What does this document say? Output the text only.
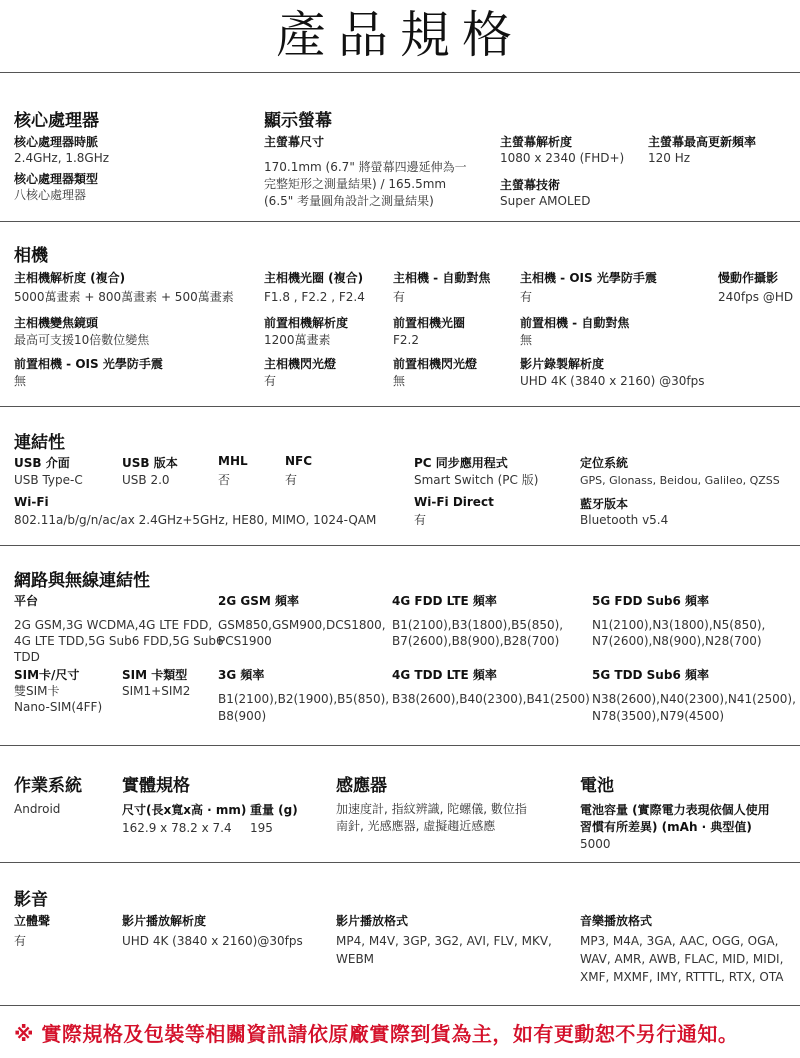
產品規格
核心處理器
核心處理器時脈
2.4GHz, 1.8GHz
核心處理器類型
八核心處理器
顯示螢幕
主螢幕尺寸
170.1mm (6.7" 將螢幕四邊延伸為一
完整矩形之測量結果) / 165.5mm
(6.5" 考量圓角設計之測量結果)
主螢幕解析度
1080 x 2340 (FHD+)
主螢幕最高更新頻率
120 Hz
主螢幕技術
Super AMOLED
相機
主相機解析度 (複合)
5000萬畫素 + 800萬畫素 + 500萬畫素
主相機光圈 (複合)
F1.8 , F2.2 , F2.4
主相機 - 自動對焦
有
主相機 - OIS 光學防手震
有
慢動作攝影
240fps @HD
主相機變焦鏡頭
最高可支援10倍數位變焦
前置相機解析度
1200萬畫素
前置相機光圈
F2.2
前置相機 - 自動對焦
無
前置相機 - OIS 光學防手震
無
主相機閃光燈
有
前置相機閃光燈
無
影片錄製解析度
UHD 4K (3840 x 2160) @30fps
連結性
USB 介面
USB Type-C
USB 版本
USB 2.0
MHL
否
NFC
有
PC 同步應用程式
Smart Switch (PC 版)
定位系統
GPS, Glonass, Beidou, Galileo, QZSS
Wi-Fi
802.11a/b/g/n/ac/ax 2.4GHz+5GHz, HE80, MIMO, 1024-QAM
Wi-Fi Direct
有
藍牙版本
Bluetooth v5.4
網路與無線連結性
平台
2G GSM,3G WCDMA,4G LTE FDD,
4G LTE TDD,5G Sub6 FDD,5G Sub6
TDD
2G GSM 頻率
GSM850,GSM900,DCS1800,
PCS1900
4G FDD LTE 頻率
B1(2100),B3(1800),B5(850),
B7(2600),B8(900),B28(700)
5G FDD Sub6 頻率
N1(2100),N3(1800),N5(850),
N7(2600),N8(900),N28(700)
SIM卡/尺寸
雙SIM卡
Nano-SIM(4FF)
SIM 卡類型
SIM1+SIM2
3G 頻率
B1(2100),B2(1900),B5(850),
B8(900)
4G TDD LTE 頻率
B38(2600),B40(2300),B41(2500)
5G TDD Sub6 頻率
N38(2600),N40(2300),N41(2500),
N78(3500),N79(4500)
作業系統
Android
實體規格
尺寸(長x寬x高 · mm)
162.9 x 78.2 x 7.4
重量 (g)
195
感應器
加速度計, 指紋辨識, 陀螺儀, 數位指
南針, 光感應器, 虛擬趨近感應
電池
電池容量 (實際電力表現依個人使用
習慣有所差異) (mAh · 典型值)
5000
影音
立體聲
有
影片播放解析度
UHD 4K (3840 x 2160)@30fps
影片播放格式
MP4, M4V, 3GP, 3G2, AVI, FLV, MKV,
WEBM
音樂播放格式
MP3, M4A, 3GA, AAC, OGG, OGA,
WAV, AMR, AWB, FLAC, MID, MIDI,
XMF, MXMF, IMY, RTTTL, RTX, OTA
※ 實際規格及包裝等相關資訊請依原廠實際到貨為主，如有更動恕不另行通知。
